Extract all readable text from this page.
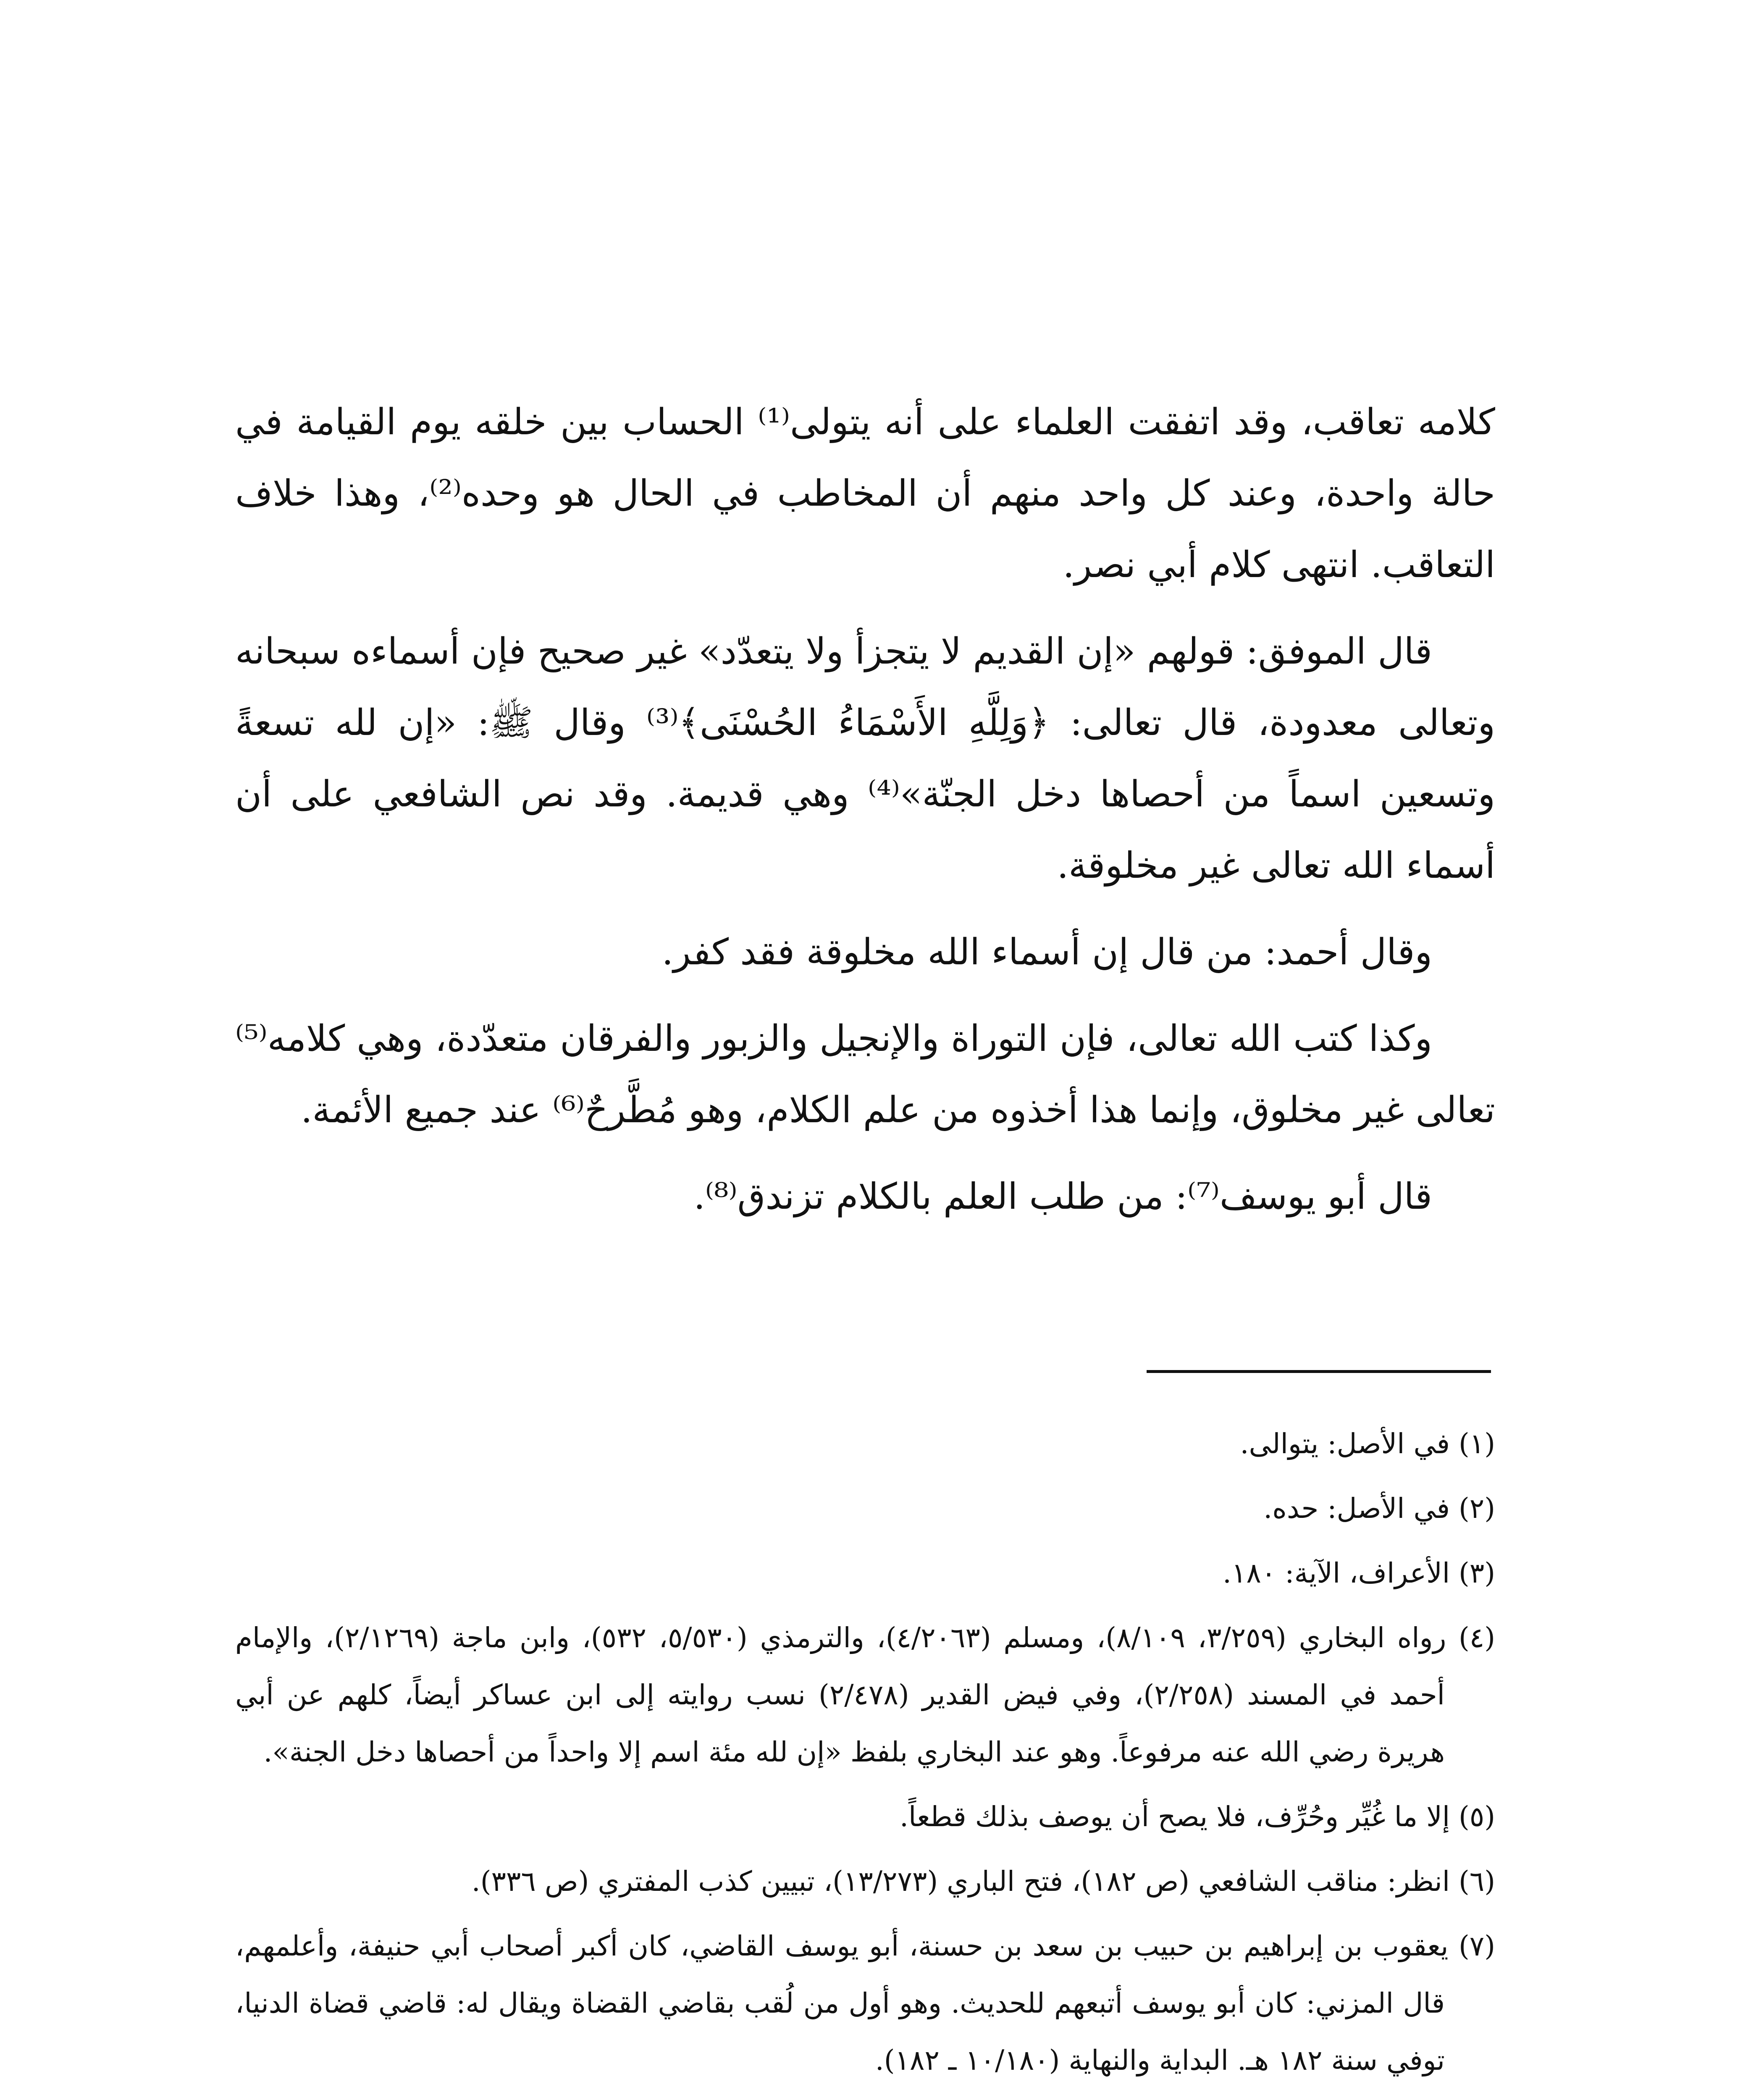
كلامه تعاقب، وقد اتفقت العلماء على أنه يتولى⁽¹⁾ الحساب بين خلقه يوم القيامة في حالة واحدة، وعند كل واحد منهم أن المخاطب في الحال هو وحده⁽²⁾، وهذا خلاف التعاقب. انتهى كلام أبي نصر.

قال الموفق: قولهم «إن القديم لا يتجزأ ولا يتعدّد» غير صحيح فإن أسماءه سبحانه وتعالى معدودة، قال تعالى: ﴿وَلِلَّهِ الأَسْمَاءُ الحُسْنَى﴾⁽³⁾ وقال ﷺ: «إن لله تسعةً وتسعين اسماً من أحصاها دخل الجنّة»⁽⁴⁾ وهي قديمة. وقد نص الشافعي على أن أسماء الله تعالى غير مخلوقة.

وقال أحمد: من قال إن أسماء الله مخلوقة فقد كفر.

وكذا كتب الله تعالى، فإن التوراة والإنجيل والزبور والفرقان متعدّدة، وهي كلامه⁽⁵⁾ تعالى غير مخلوق، وإنما هذا أخذوه من علم الكلام، وهو مُطَّرحٌ⁽⁶⁾ عند جميع الأئمة.

قال أبو يوسف⁽⁷⁾: من طلب العلم بالكلام تزندق⁽⁸⁾.

(١) في الأصل: يتوالى.
(٢) في الأصل: حده.
(٣) الأعراف، الآية: ١٨٠.
(٤) رواه البخاري (٣/٢٥٩، ٨/١٠٩)، ومسلم (٤/٢٠٦٣)، والترمذي (٥/٥٣٠، ٥٣٢)، وابن ماجة (٢/١٢٦٩)، والإمام أحمد في المسند (٢/٢٥٨)، وفي فيض القدير (٢/٤٧٨) نسب روايته إلى ابن عساكر أيضاً، كلهم عن أبي هريرة رضي الله عنه مرفوعاً. وهو عند البخاري بلفظ «إن لله مئة اسم إلا واحداً من أحصاها دخل الجنة».
(٥) إلا ما غُيِّر وحُرِّف، فلا يصح أن يوصف بذلك قطعاً.
(٦) انظر: مناقب الشافعي (ص ١٨٢)، فتح الباري (١٣/٢٧٣)، تبيين كذب المفتري (ص ٣٣٦).
(٧) يعقوب بن إبراهيم بن حبيب بن سعد بن حسنة، أبو يوسف القاضي، كان أكبر أصحاب أبي حنيفة، وأعلمهم، قال المزني: كان أبو يوسف أتبعهم للحديث. وهو أول من لُقب بقاضي القضاة ويقال له: قاضي قضاة الدنيا، توفي سنة ١٨٢ هـ. البداية والنهاية (١٠/١٨٠ ـ ١٨٢).
